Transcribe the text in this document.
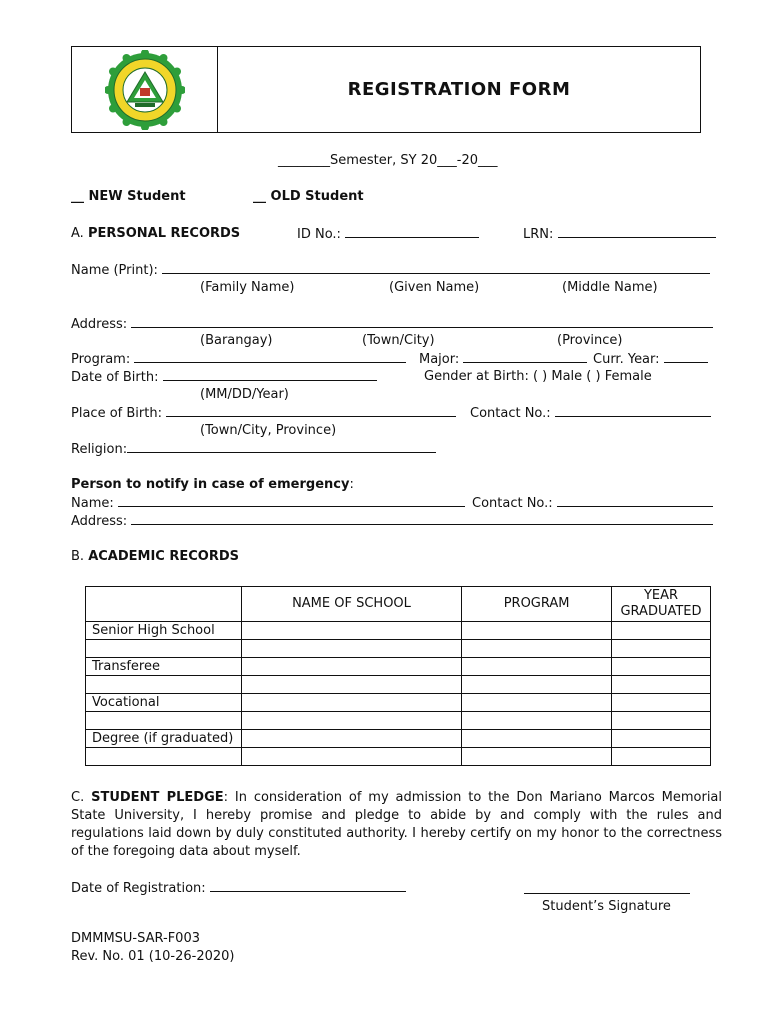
REGISTRATION FORM
________Semester, SY 20___-20___
__ NEW Student	__ OLD Student
A. PERSONAL RECORDS	ID No.:	LRN:
Name (Print):
(Family Name)	(Given Name)	(Middle Name)
Address:
(Barangay)	(Town/City)	(Province)
Program:	Major:	Curr. Year:
Date of Birth:	Gender at Birth: ( ) Male ( ) Female
(MM/DD/Year)
Place of Birth:	Contact No.:
(Town/City, Province)
Religion:
Person to notify in case of emergency:
Name:	Contact No.:
Address:
B. ACADEMIC RECORDS
	NAME OF SCHOOL	PROGRAM	YEAR GRADUATED
Senior High School			

Transferee			

Vocational			

Degree (if graduated)			

C. STUDENT PLEDGE: In consideration of my admission to the Don Mariano Marcos Memorial State University, I hereby promise and pledge to abide by and comply with the rules and regulations laid down by duly constituted authority. I hereby certify on my honor to the correctness of the foregoing data about myself.
Date of Registration:
Student’s Signature
DMMMSU-SAR-F003
Rev. No. 01 (10-26-2020)
